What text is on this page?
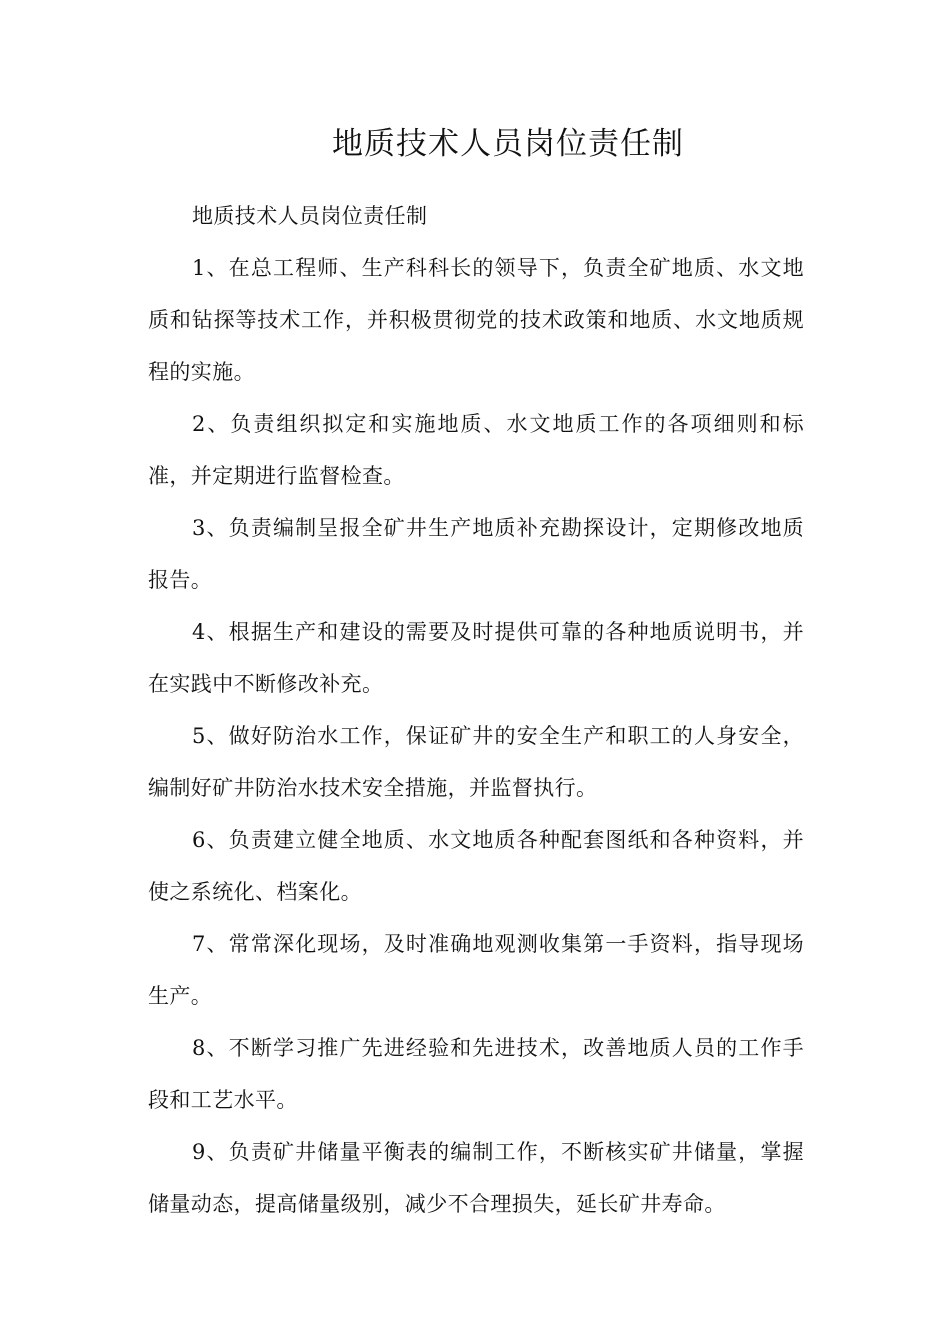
地质技术人员岗位责任制

地质技术人员岗位责任制

1、在总工程师、生产科科长的领导下，负责全矿地质、水文地质和钻探等技术工作，并积极贯彻党的技术政策和地质、水文地质规程的实施。

2、负责组织拟定和实施地质、水文地质工作的各项细则和标准，并定期进行监督检查。

3、负责编制呈报全矿井生产地质补充勘探设计，定期修改地质报告。

4、根据生产和建设的需要及时提供可靠的各种地质说明书，并在实践中不断修改补充。

5、做好防治水工作，保证矿井的安全生产和职工的人身安全，编制好矿井防治水技术安全措施，并监督执行。

6、负责建立健全地质、水文地质各种配套图纸和各种资料，并使之系统化、档案化。

7、常常深化现场，及时准确地观测收集第一手资料，指导现场生产。

8、不断学习推广先进经验和先进技术，改善地质人员的工作手段和工艺水平。

9、负责矿井储量平衡表的编制工作，不断核实矿井储量，掌握储量动态，提高储量级别，减少不合理损失，延长矿井寿命。
